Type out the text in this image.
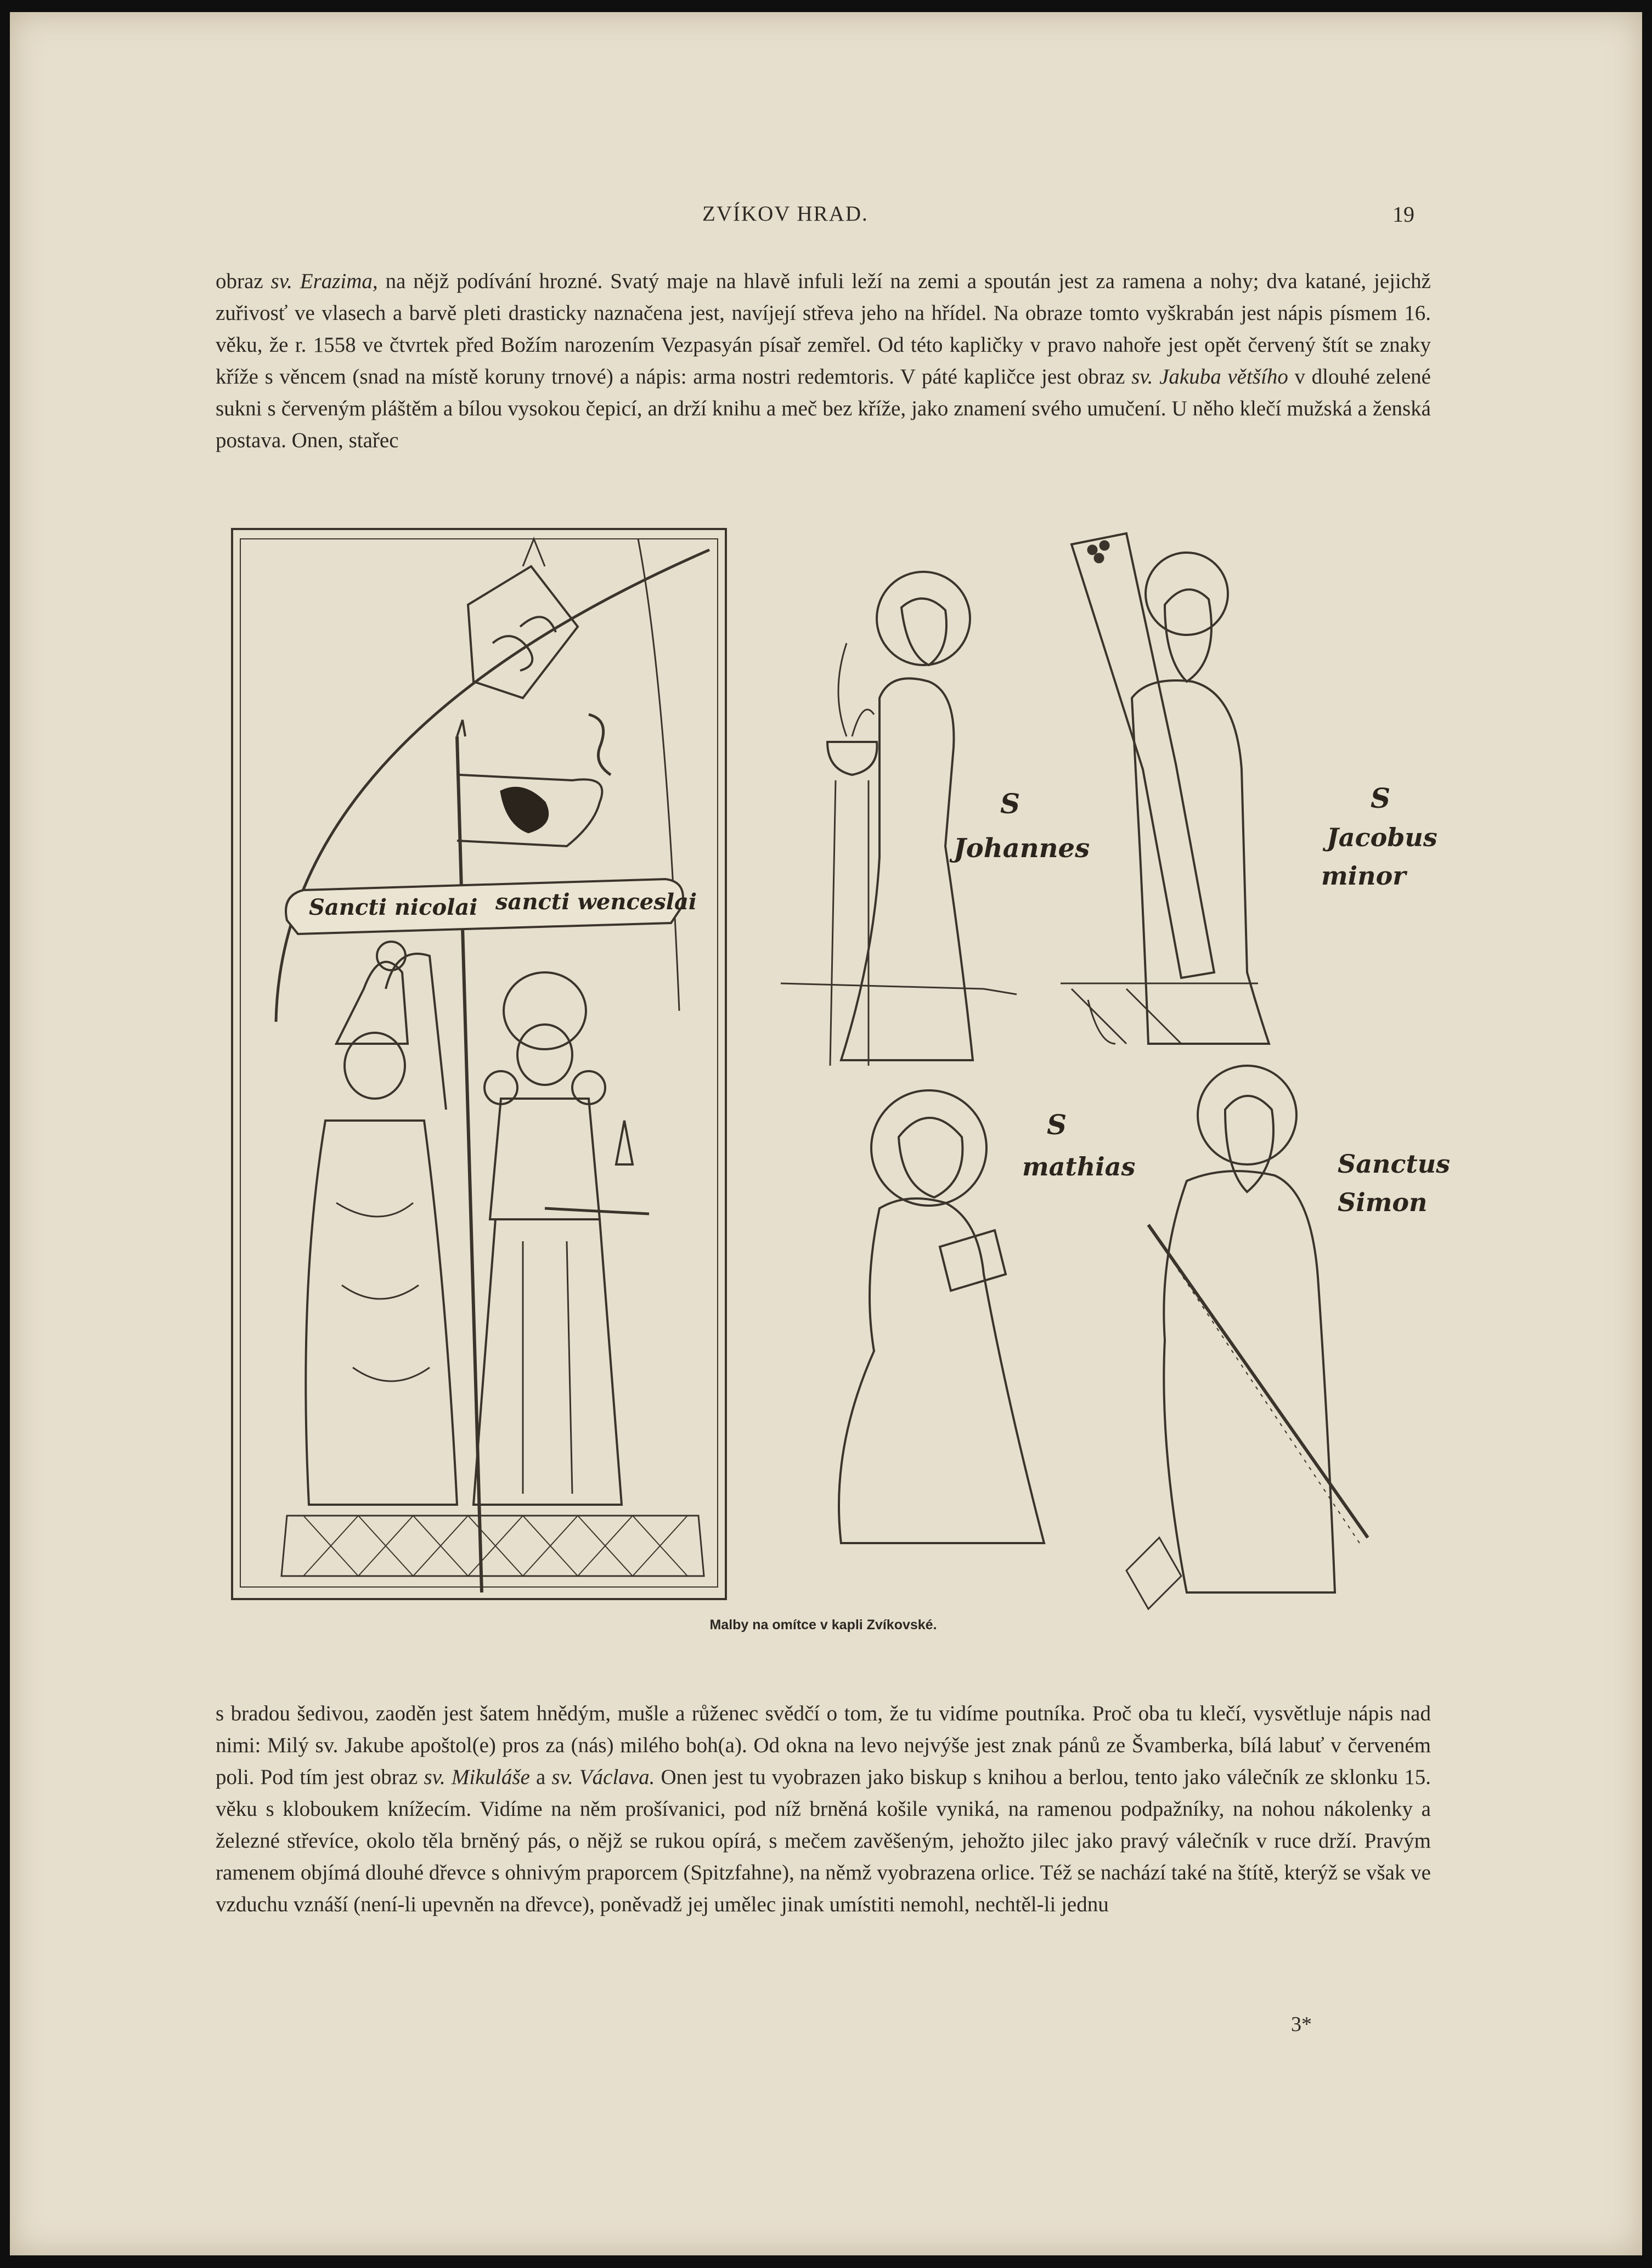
ZVÍKOV HRAD.	19

obraz sv. Erazima, na nějž podívání hrozné. Svatý maje na hlavě infuli leží na zemi a spoután jest za ramena a nohy; dva katané, jejichž zuřivosť ve vlasech a barvě pleti drasticky naznačena jest, navíjejí střeva jeho na hřídel. Na obraze tomto vyškrabán jest nápis písmem 16. věku, že r. 1558 ve čtvrtek před Božím narozením Vezpasyán písař zemřel. Od této kapličky v pravo nahoře jest opět červený štít se znaky kříže s věncem (snad na místě koruny trnové) a nápis: arma nostri redemtoris. V páté kapličce jest obraz sv. Jakuba většího v dlouhé zelené sukni s červeným pláštěm a bílou vysokou čepicí, an drží knihu a meč bez kříže, jako znamení svého umučení. U něho klečí mužská a ženská postava. Onen, stařec

Sancti nicolai sancti wenceslai
S
Johannes
S
Jacobus
minor
S
mathias	Sanctus
Simon
Malby na omítce v kapli Zvíkovské.

s bradou šedivou, zaoděn jest šatem hnědým, mušle a růženec svědčí o tom, že tu vidíme poutníka. Proč oba tu klečí, vysvětluje nápis nad nimi: Milý sv. Jakube apoštol(e) pros za (nás) milého boh(a). Od okna na levo nejvýše jest znak pánů ze Švamberka, bílá labuť v červeném poli. Pod tím jest obraz sv. Mikuláše a sv. Václava. Onen jest tu vyobrazen jako biskup s knihou a berlou, tento jako válečník ze sklonku 15. věku s kloboukem knížecím. Vidíme na něm prošívanici, pod níž brněná košile vyniká, na ramenou podpažníky, na nohou nákolenky a železné střevíce, okolo těla brněný pás, o nějž se rukou opírá, s mečem zavěšeným, jehožto jilec jako pravý válečník v ruce drží. Pravým ramenem objímá dlouhé dřevce s ohnivým praporcem (Spitzfahne), na němž vyobrazena orlice. Též se nachází také na štítě, kterýž se však ve vzduchu vznáší (není-li upevněn na dřevce), poněvadž jej umělec jinak umístiti nemohl, nechtěl-li jednu

3*
